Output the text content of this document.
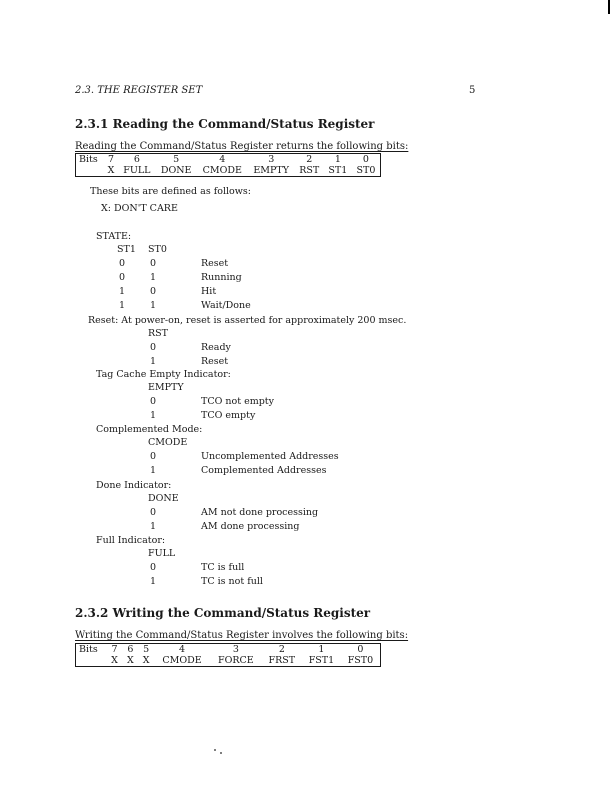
2.3. THE REGISTER SET	5
2.3.1 Reading the Command/Status Register
Reading the Command/Status Register returns the following bits:
Bits	7	6	5	4	3	2	1	0
	X	FULL	DONE	CMODE	EMPTY	RST	ST1	ST0
These bits are defined as follows:
X: DON'T CARE
STATE:
ST1 ST0
0	0	Reset
0	1	Running
1	0	Hit
1	1	Wait/Done
Reset: At power-on, reset is asserted for approximately 200 msec.
RST
0	Ready
1	Reset
Tag Cache Empty Indicator:
EMPTY
0	TCO not empty
1	TCO empty
Complemented Mode:
CMODE
0	Uncomplemented Addresses
1	Complemented Addresses
Done Indicator:
DONE
0	AM not done processing
1	AM done processing
Full Indicator:
FULL
0	TC is full
1	TC is not full
2.3.2 Writing the Command/Status Register
Writing the Command/Status Register involves the following bits:
Bits	7	6	5	4	3	2	1	0
	X	X	X	CMODE	FORCE	FRST	FST1	FST0
